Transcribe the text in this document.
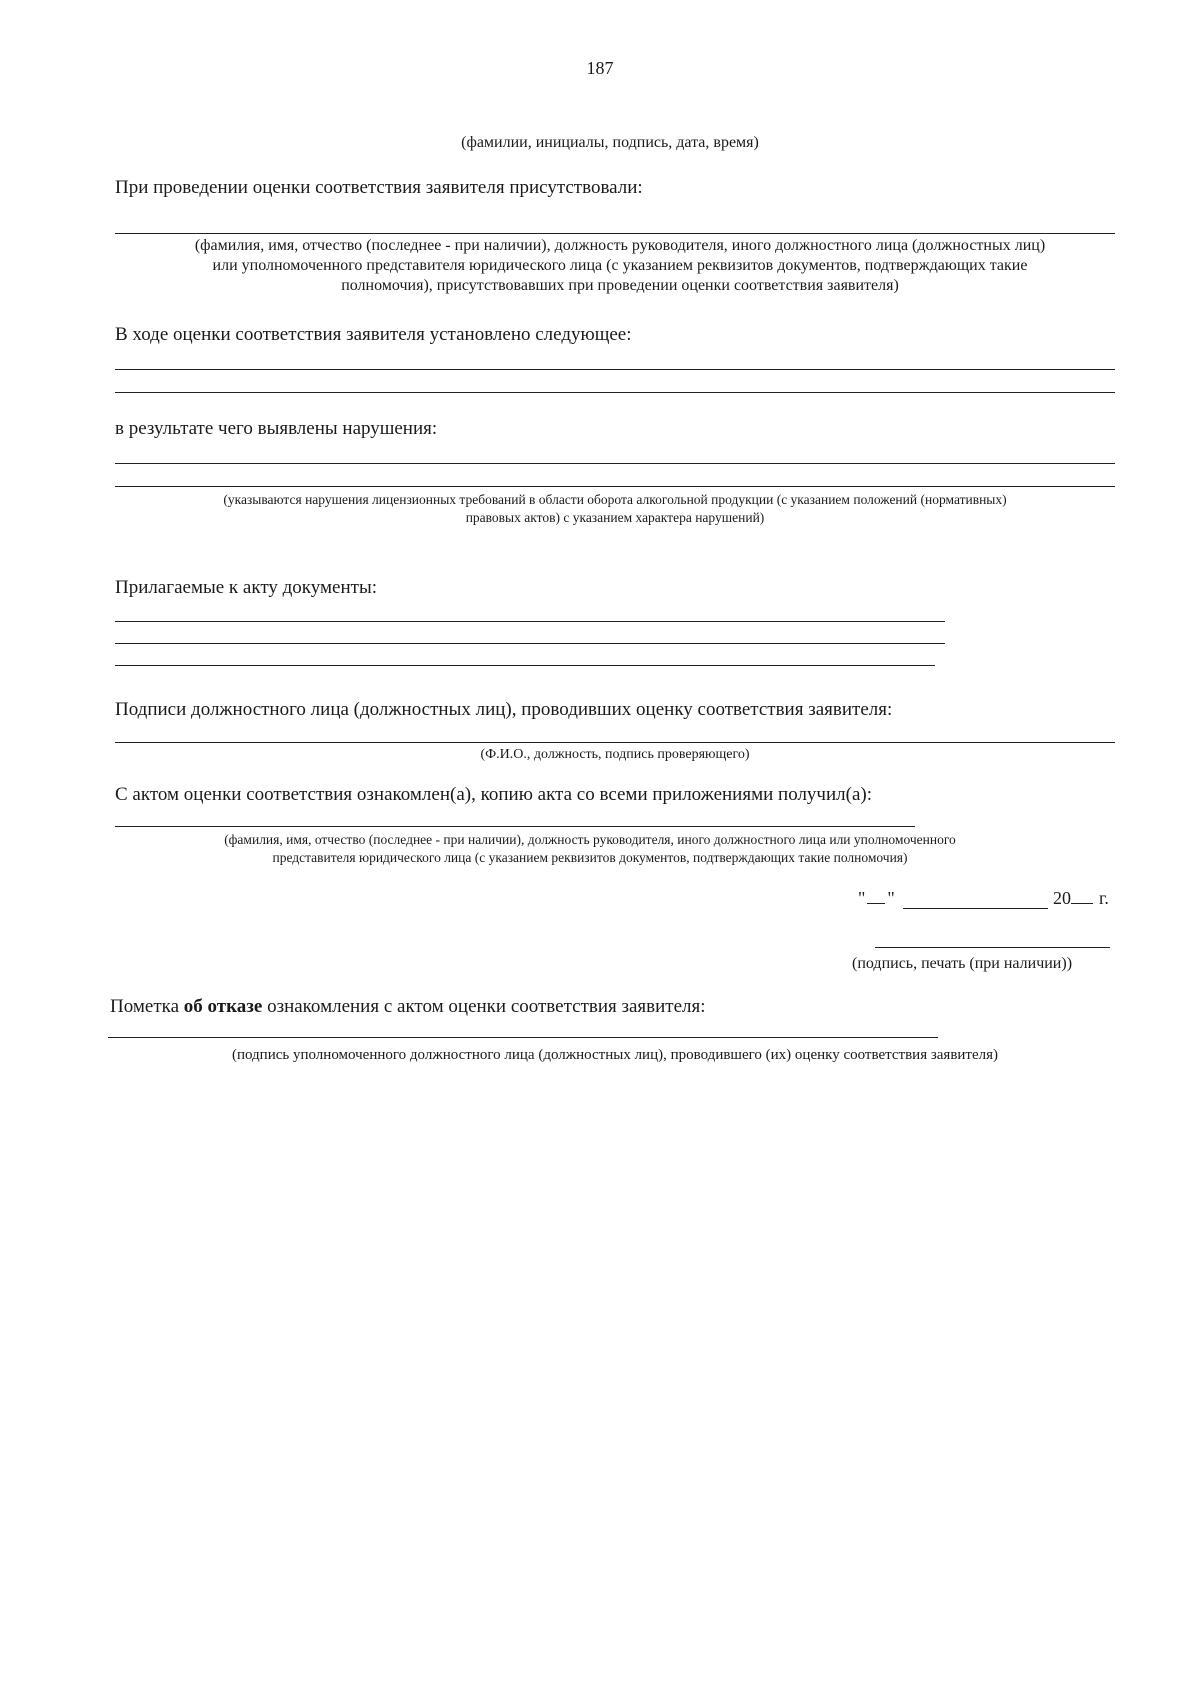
187
(фамилии, инициалы, подпись, дата, время)
При проведении оценки соответствия заявителя присутствовали:
(фамилия, имя, отчество (последнее - при наличии), должность руководителя, иного должностного лица (должностных лиц)
или уполномоченного представителя юридического лица (с указанием реквизитов документов, подтверждающих такие
полномочия), присутствовавших при проведении оценки соответствия заявителя)
В ходе оценки соответствия заявителя установлено следующее:
в результате чего выявлены нарушения:
(указываются нарушения лицензионных требований в области оборота алкогольной продукции (с указанием положений (нормативных)
правовых актов) с указанием характера нарушений)
Прилагаемые к акту документы:
Подписи должностного лица (должностных лиц), проводивших оценку соответствия заявителя:
(Ф.И.О., должность, подпись проверяющего)
С актом оценки соответствия ознакомлен(а), копию акта со всеми приложениями получил(а):
(фамилия, имя, отчество (последнее - при наличии), должность руководителя, иного должностного лица или уполномоченного
представителя юридического лица (с указанием реквизитов документов, подтверждающих такие полномочия)
" "	20 г.
(подпись, печать (при наличии))
Пометка об отказе ознакомления с актом оценки соответствия заявителя:
(подпись уполномоченного должностного лица (должностных лиц), проводившего (их) оценку соответствия заявителя)
